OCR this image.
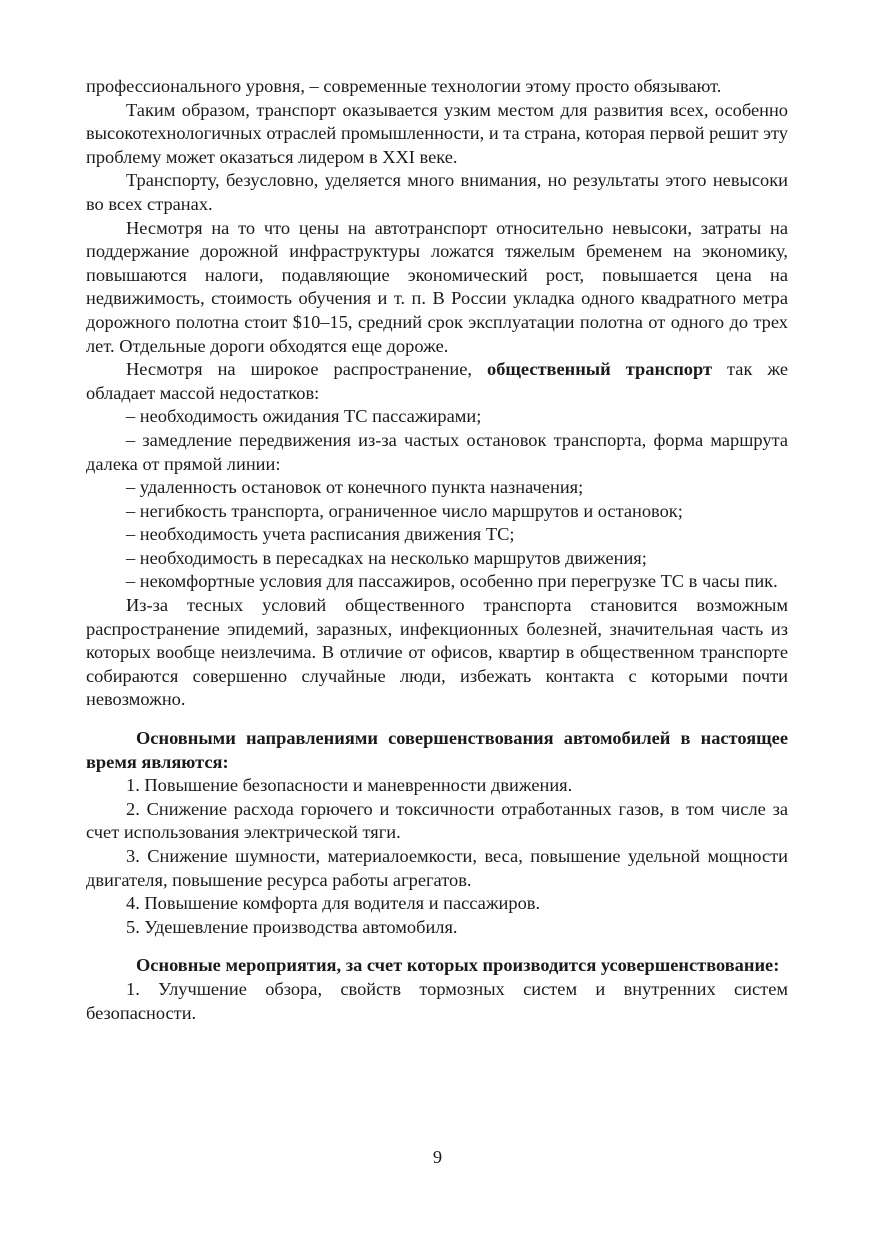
профессионального уровня, – современные технологии этому просто обязывают.

Таким образом, транспорт оказывается узким местом для развития всех, особенно высокотехнологичных отраслей промышленности, и та страна, которая первой решит эту проблему может оказаться лидером в XXI веке.

Транспорту, безусловно, уделяется много внимания, но результаты этого невысоки во всех странах.

Несмотря на то что цены на автотранспорт относительно невысоки, затраты на поддержание дорожной инфраструктуры ложатся тяжелым бременем на экономику, повышаются налоги, подавляющие экономический рост, повышается цена на недвижимость, стоимость обучения и т. п. В России укладка одного квадратного метра дорожного полотна стоит $10–15, средний срок эксплуатации полотна от одного до трех лет. Отдельные дороги обходятся еще дороже.

Несмотря на широкое распространение, общественный транспорт так же обладает массой недостатков:

– необходимость ожидания ТС пассажирами;

– замедление передвижения из-за частых остановок транспорта, форма маршрута далека от прямой линии:

– удаленность остановок от конечного пункта назначения;

– негибкость транспорта, ограниченное число маршрутов и остановок;

– необходимость учета расписания движения ТС;

– необходимость в пересадках на несколько маршрутов движения;

– некомфортные условия для пассажиров, особенно при перегрузке ТС в часы пик.

Из-за тесных условий общественного транспорта становится возможным распространение эпидемий, заразных, инфекционных болезней, значительная часть из которых вообще неизлечима. В отличие от офисов, квартир в общественном транспорте собираются совершенно случайные люди, избежать контакта с которыми почти невозможно.

Основными направлениями совершенствования автомобилей в настоящее время являются:

1. Повышение безопасности и маневренности движения.

2. Снижение расхода горючего и токсичности отработанных газов, в том числе за счет использования электрической тяги.

3. Снижение шумности, материалоемкости, веса, повышение удельной мощности двигателя, повышение ресурса работы агрегатов.

4. Повышение комфорта для водителя и пассажиров.

5. Удешевление производства автомобиля.

Основные мероприятия, за счет которых производится усовершенствование:

1. Улучшение обзора, свойств тормозных систем и внутренних систем безопасности.

9
